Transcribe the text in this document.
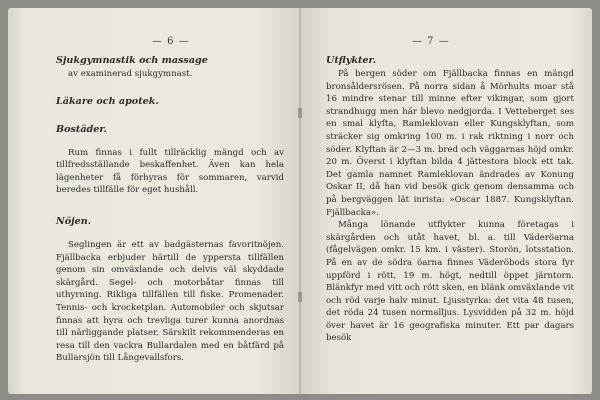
— 6 —

Sjukgymnastik och massage

av examinerad sjukgymnast.

Läkare och apotek.

Bostäder.

Rum finnas i fullt tillräcklig mängd och av tillfredsställande beskaffenhet. Även kan hela lägenheter få förhyras för sommaren, varvid beredes tillfälle för eget hushåll.

Nöjen.

Seglingen är ett av badgästernas favoritnöjen. Fjällbacka erbjuder härtill de yppersta tillfällen genom sin omväxlande och delvis väl skyddade skärgård. Segel- och motorbåtar finnas till uthyrning. Rikliga tillfällen till fiske. Promenader. Tennis- och krocketplan. Automobiler och skjutsar finnas att hyra och trevliga turer kunna anordnas till närliggande platser. Särskilt rekommenderas en resa till den vackra Bullardalen med en båtfärd på Bullarsjön till Långevallsfors.

— 7 —

Utflykter.

På bergen söder om Fjällbacka finnas en mängd bronsåldersrösen. På norra sidan å Mörhults moar stå 16 mindre stenar till minne efter vikingar, som gjort strandhugg men här blevo nedgjorda. I Vetteberget ses en smal klyfta, Ramleklovan eller Kungsklyftan, som sträcker sig omkring 100 m. i rak riktning i norr och söder. Klyftan är 2—3 m. bred och väggarnas höjd omkr. 20 m. Överst i klyftan bilda 4 jättestora block ett tak. Det gamla namnet Ramleklovan ändrades av Konung Oskar II, då han vid besök gick genom densamma och på bergväggen lät inrista: »Oscar 1887. Kungsklyftan. Fjällbacka».

Många lönande utflykter kunna företagas i skärgården och utåt havet, bl. a. till Väderöarna (fågelvägen omkr. 15 km. i väster). Storön, lotsstation. På en av de södra öarna finnes Väderöbods stora fyr uppförd i rött, 19 m. högt, nedtill öppet järntorn. Blänkfyr med vitt och rött sken, en blänk omväxlande vit och röd varje halv minut. Ljusstyrka: det vita 48 tusen, det röda 24 tusen normalljus. Lysvidden på 32 m. höjd över havet är 16 geografiska minuter. Ett par dagars besök
